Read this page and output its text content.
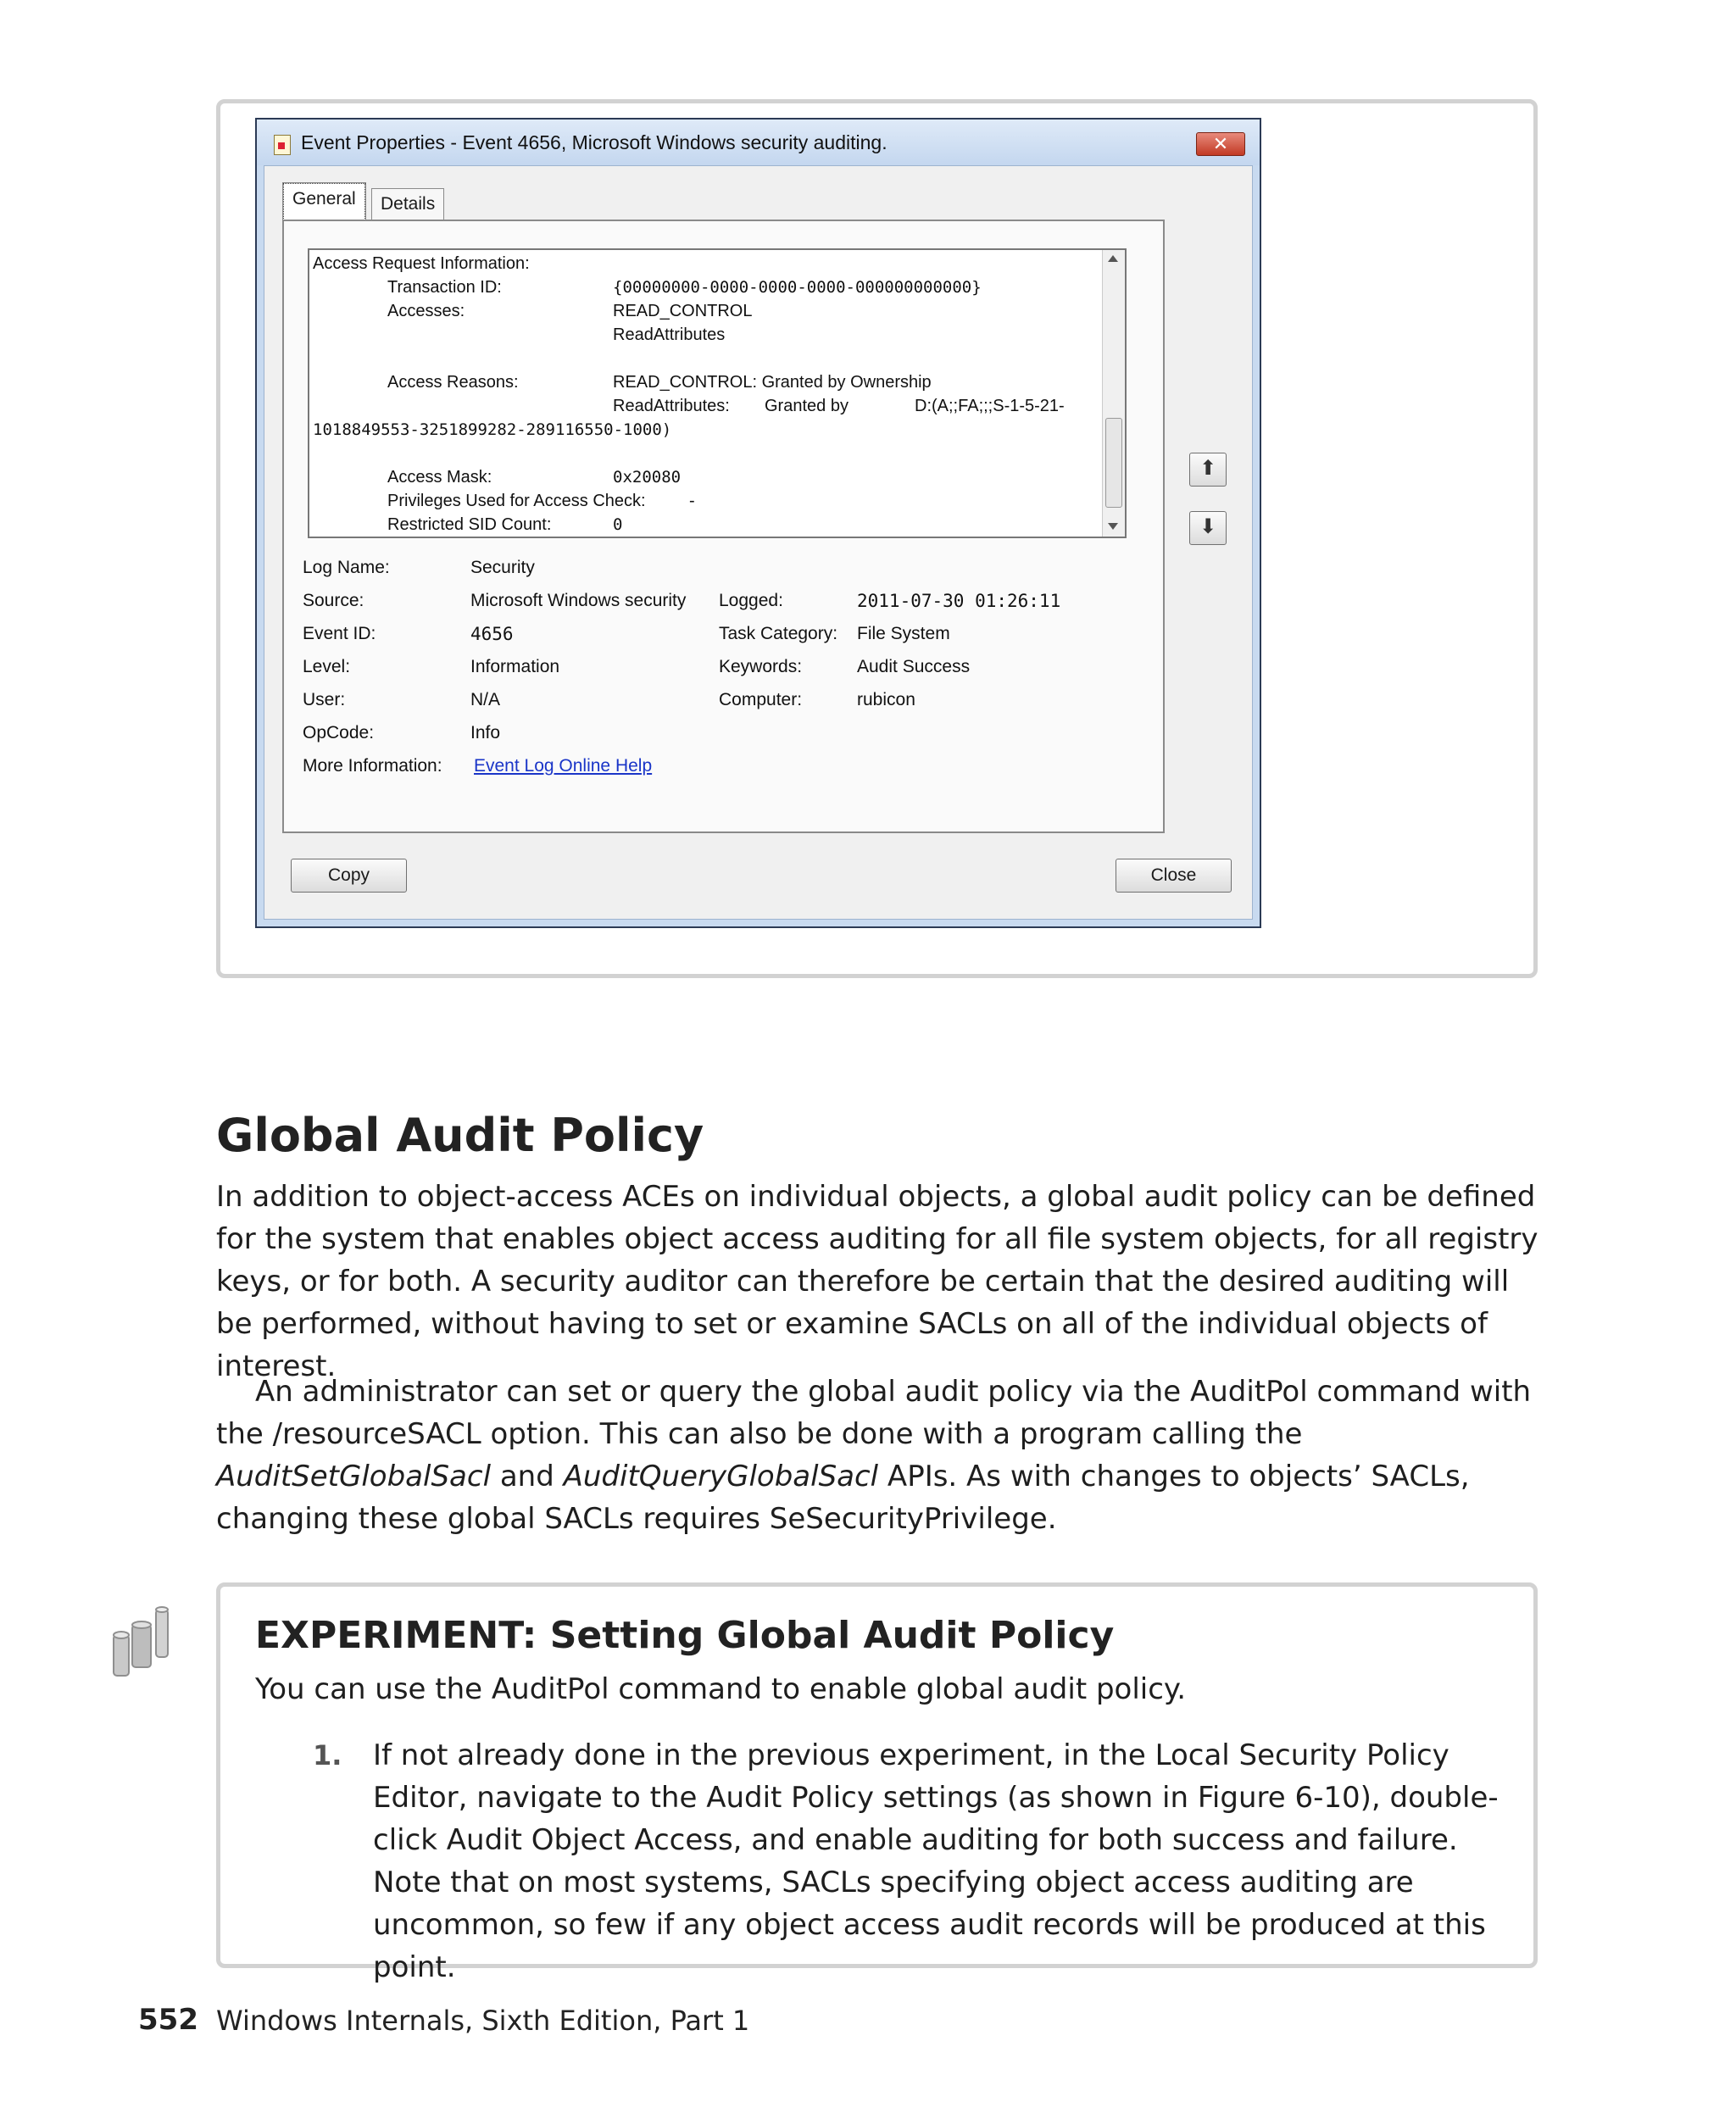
Event Properties - Event 4656, Microsoft Windows security auditing.	✕
General	Details
Access Request Information:
Transaction ID:	{00000000-0000-0000-0000-000000000000}
Accesses:	READ_CONTROL
ReadAttributes
Access Reasons:	READ_CONTROL: Granted by Ownership
ReadAttributes: Granted by	D:(A;;FA;;;S-1-5-21-
1018849553-3251899282-289116550-1000)
Access Mask:	0x20080
Privileges Used for Access Check:	-
Restricted SID Count:	0
Log Name:	Security
Source:	Microsoft Windows security Logged:	2011-07-30 01:26:11
Event ID:	4656	Task Category: File System
Level:	Information	Keywords:	Audit Success
User:	N/A	Computer:	rubicon
OpCode:	Info
More Information: Event Log Online Help
⬆
⬇
Copy	Close
Global Audit Policy
In addition to object-access ACEs on individual objects, a global audit policy can be defined for the system that enables object access auditing for all file system objects, for all registry keys, or for both. A security auditor can therefore be certain that the desired auditing will be performed, without having to set or examine SACLs on all of the individual objects of interest.
An administrator can set or query the global audit policy via the AuditPol command with the /resourceSACL option. This can also be done with a program calling the AuditSetGlobalSacl and AuditQueryGlobalSacl APIs. As with changes to objects’ SACLs, changing these global SACLs requires SeSecurityPrivilege.
EXPERIMENT: Setting Global Audit Policy
You can use the AuditPol command to enable global audit policy.
1. If not already done in the previous experiment, in the Local Security Policy Editor, navigate to the Audit Policy settings (as shown in Figure 6-10), double-click Audit Object Access, and enable auditing for both success and failure. Note that on most systems, SACLs specifying object access auditing are uncommon, so few if any object access audit records will be produced at this point.
552 Windows Internals, Sixth Edition, Part 1
